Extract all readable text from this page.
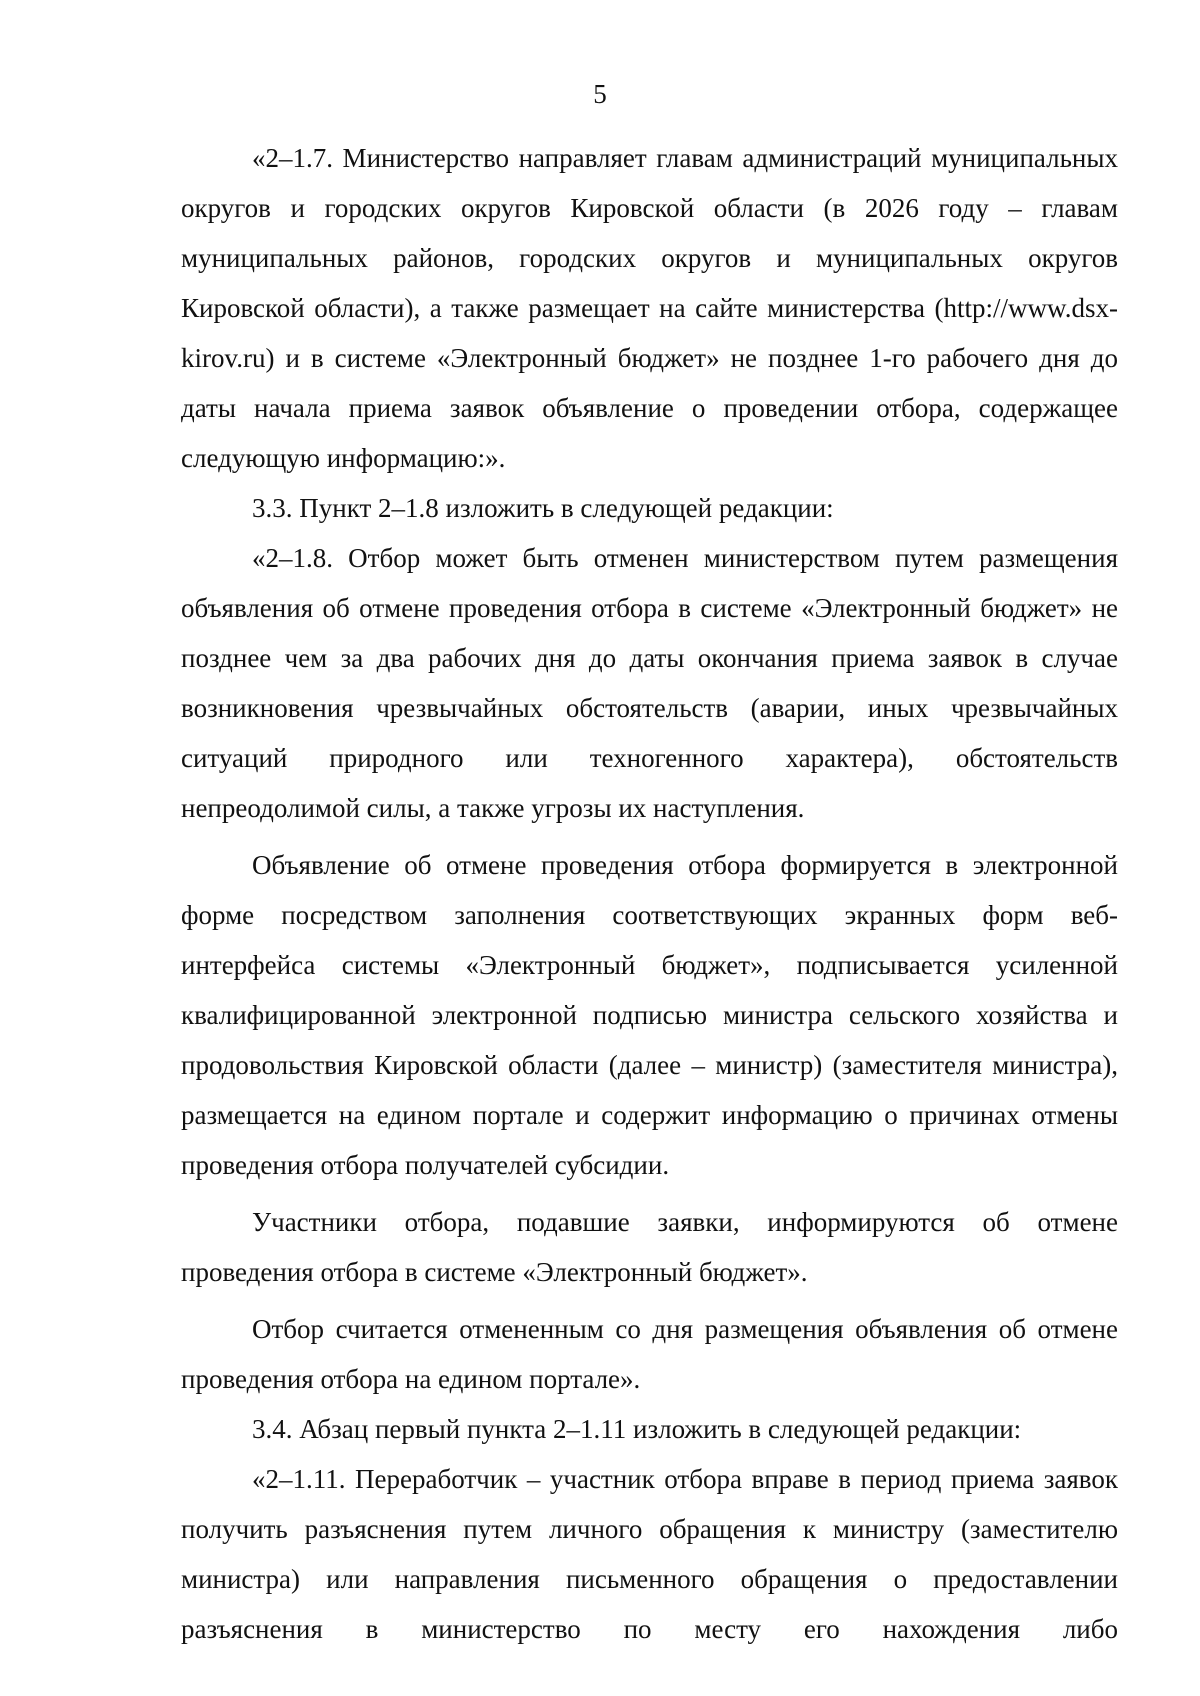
5

«2–1.7. Министерство направляет главам администраций муниципальных округов и городских округов Кировской области (в 2026 году – главам муниципальных районов, городских округов и муниципальных округов Кировской области), а также размещает на сайте министерства (http://www.dsx-kirov.ru) и в системе «Электронный бюджет» не позднее 1-го рабочего дня до даты начала приема заявок объявление о проведении отбора, содержащее следующую информацию:».

3.3. Пункт 2–1.8 изложить в следующей редакции:

«2–1.8. Отбор может быть отменен министерством путем размещения объявления об отмене проведения отбора в системе «Электронный бюджет» не позднее чем за два рабочих дня до даты окончания приема заявок в случае возникновения чрезвычайных обстоятельств (аварии, иных чрезвычайных ситуаций природного или техногенного характера), обстоятельств непреодолимой силы, а также угрозы их наступления.

Объявление об отмене проведения отбора формируется в электронной форме посредством заполнения соответствующих экранных форм веб-интерфейса системы «Электронный бюджет», подписывается усиленной квалифицированной электронной подписью министра сельского хозяйства и продовольствия Кировской области (далее – министр) (заместителя министра), размещается на едином портале и содержит информацию о причинах отмены проведения отбора получателей субсидии.

Участники отбора, подавшие заявки, информируются об отмене проведения отбора в системе «Электронный бюджет».

Отбор считается отмененным со дня размещения объявления об отмене проведения отбора на едином портале».

3.4. Абзац первый пункта 2–1.11 изложить в следующей редакции:

«2–1.11. Переработчик – участник отбора вправе в период приема заявок получить разъяснения путем личного обращения к министру (заместителю министра) или направления письменного обращения о предоставлении разъяснения в министерство по месту его нахождения либо
